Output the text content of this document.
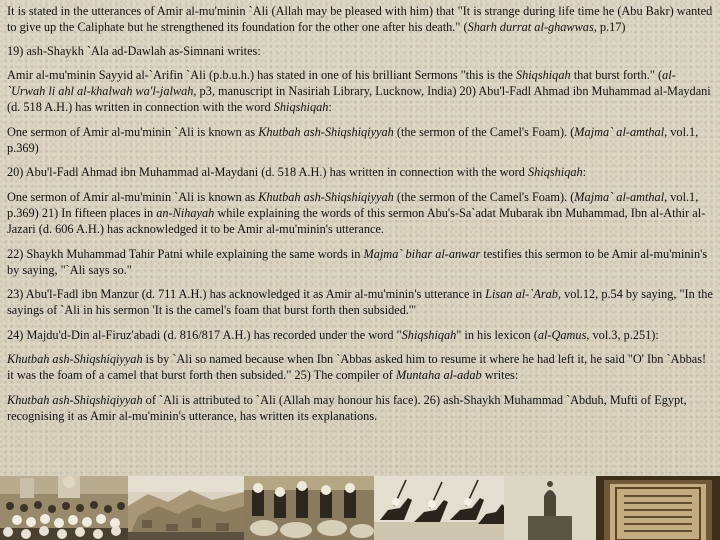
It is stated in the utterances of Amir al-mu'minin `Ali (Allah may be pleased with him) that "It is strange during life time he (Abu Bakr) wanted to give up the Caliphate but he strengthened its foundation for the other one after his death." (Sharh durrat al-ghawwas, p.17)

19) ash-Shaykh `Ala ad-Dawlah as-Simnani writes:

Amir al-mu'minin Sayyid al-`Arifin `Ali (p.b.u.h.) has stated in one of his brilliant Sermons "this is the Shiqshiqah that burst forth." (al-`Urwah li ahl al-khalwah wa'l-jalwah, p3, manuscript in Nasiriah Library, Lucknow, India) 20) Abu'l-Fadl Ahmad ibn Muhammad al-Maydani (d. 518 A.H.) has written in connection with the word Shiqshiqah:

One sermon of Amir al-mu'minin `Ali is known as Khutbah ash-Shiqshiqiyyah (the sermon of the Camel's Foam). (Majma` al-amthal, vol.1, p.369)

20) Abu'l-Fadl Ahmad ibn Muhammad al-Maydani (d. 518 A.H.) has written in connection with the word Shiqshiqah:

One sermon of Amir al-mu'minin `Ali is known as Khutbah ash-Shiqshiqiyyah (the sermon of the Camel's Foam). (Majma` al-amthal, vol.1, p.369) 21) In fifteen places in an-Nihayah while explaining the words of this sermon Abu's-Sa`adat Mubarak ibn Muhammad, Ibn al-Athir al-Jazari (d. 606 A.H.) has acknowledged it to be Amir al-mu'minin's utterance.

22) Shaykh Muhammad Tahir Patni while explaining the same words in Majma` bihar al-anwar testifies this sermon to be Amir al-mu'minin's by saying, "`Ali says so."

23) Abu'l-Fadl ibn Manzur (d. 711 A.H.) has acknowledged it as Amir al-mu'minin's utterance in Lisan al-`Arab, vol.12, p.54 by saying, "In the sayings of `Ali in his sermon 'It is the camel's foam that burst forth then subsided.'"

24) Majdu'd-Din al-Firuz'abadi (d. 816/817 A.H.) has recorded under the word "Shiqshiqah" in his lexicon (al-Qamus, vol.3, p.251):

Khutbah ash-Shiqshiqiyyah is by `Ali so named because when Ibn `Abbas asked him to resume it where he had left it, he said "O' Ibn `Abbas! it was the foam of a camel that burst forth then subsided." 25) The compiler of Muntaha al-adab writes:

Khutbah ash-Shiqshiqiyyah of `Ali is attributed to `Ali (Allah may honour his face). 26) ash-Shaykh Muhammad `Abduh, Mufti of Egypt, recognising it as Amir al-mu'minin's utterance, has written its explanations.
